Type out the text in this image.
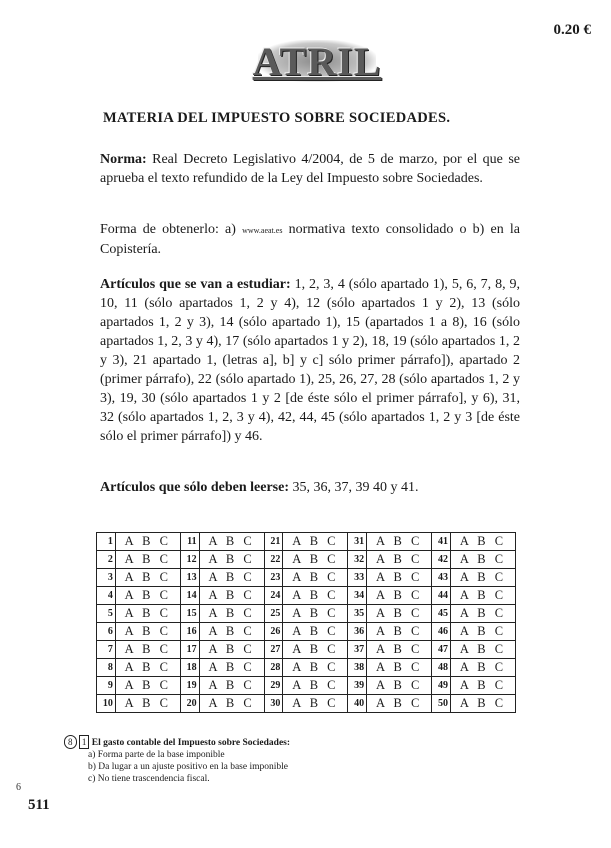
0.20 €
ATRIL
MATERIA DEL IMPUESTO SOBRE SOCIEDADES.
Norma: Real Decreto Legislativo 4/2004, de 5 de marzo, por el que se aprueba el texto refundido de la Ley del Impuesto sobre Sociedades.
Forma de obtenerlo: a) www.aeat.es normativa texto consolidado o b) en la Copistería.
Artículos que se van a estudiar: 1, 2, 3, 4 (sólo apartado 1), 5, 6, 7, 8, 9, 10, 11 (sólo apartados 1, 2 y 4), 12 (sólo apartados 1 y 2), 13 (sólo apartados 1, 2 y 3), 14 (sólo apartado 1), 15 (apartados 1 a 8), 16 (sólo apartados 1, 2, 3 y 4), 17 (sólo apartados 1 y 2), 18, 19 (sólo apartados 1, 2 y 3), 21 apartado 1, (letras a], b] y c] sólo primer párrafo]), apartado 2 (primer párrafo), 22 (sólo apartado 1), 25, 26, 27, 28 (sólo apartados 1, 2 y 3), 19, 30 (sólo apartados 1 y 2 [de éste sólo el primer párrafo], y 6), 31, 32 (sólo apartados 1, 2, 3 y 4), 42, 44, 45 (sólo apartados 1, 2 y 3 [de éste sólo el primer párrafo]) y 46.
Artículos que sólo deben leerse: 35, 36, 37, 39 40 y 41.
1	A B C	11	A B C	21	A B C	31	A B C	41	A B C
2	A B C	12	A B C	22	A B C	32	A B C	42	A B C
3	A B C	13	A B C	23	A B C	33	A B C	43	A B C
4	A B C	14	A B C	24	A B C	34	A B C	44	A B C
5	A B C	15	A B C	25	A B C	35	A B C	45	A B C
6	A B C	16	A B C	26	A B C	36	A B C	46	A B C
7	A B C	17	A B C	27	A B C	37	A B C	47	A B C
8	A B C	18	A B C	28	A B C	38	A B C	48	A B C
9	A B C	19	A B C	29	A B C	39	A B C	49	A B C
10	A B C	20	A B C	30	A B C	40	A B C	50	A B C
8 1 El gasto contable del Impuesto sobre Sociedades:
a) Forma parte de la base imponible
b) Da lugar a un ajuste positivo en la base imponible
c) No tiene trascendencia fiscal.
6
511
